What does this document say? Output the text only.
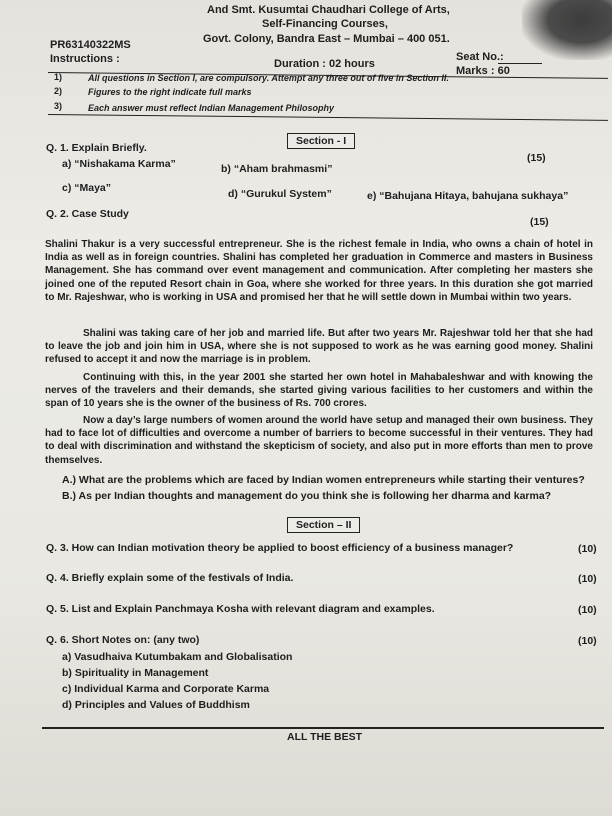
And Smt. Kusumtai Chaudhari College of Arts,
Self-Financing Courses,
Govt. Colony, Bandra East – Mumbai – 400 051.
PR63140322MS
Seat No.:
Instructions :	Duration : 02 hours
Marks : 60
1)	All questions in Section I, are compulsory. Attempt any three out of five in Section II.
2)	Figures to the right indicate full marks
3)	Each answer must reflect Indian Management Philosophy
Section - I
Q. 1. Explain Briefly.
(15)
a) “Nishakama Karma”	b) “Aham brahmasmi”
c) “Maya”	d) “Gurukul System”	e) “Bahujana Hitaya, bahujana sukhaya”
Q. 2. Case Study
(15)
Shalini Thakur is a very successful entrepreneur. She is the richest female in India, who owns a chain of hotel in India as well as in foreign countries. Shalini has completed her graduation in Commerce and masters in Business Management. She has command over event management and communication. After completing her masters she joined one of the reputed Resort chain in Goa, where she worked for three years. In this duration she got married to Mr. Rajeshwar, who is working in USA and promised her that he will settle down in Mumbai within two years.
Shalini was taking care of her job and married life. But after two years Mr. Rajeshwar told her that she had to leave the job and join him in USA, where she is not supposed to work as he was earning good money. Shalini refused to accept it and now the marriage is in problem.
Continuing with this, in the year 2001 she started her own hotel in Mahabaleshwar and with knowing the nerves of the travelers and their demands, she started giving various facilities to her customers and within the span of 10 years she is the owner of the business of Rs. 700 crores.
Now a day’s large numbers of women around the world have setup and managed their own business. They had to face lot of difficulties and overcome a number of barriers to become successful in their ventures. They had to deal with discrimination and withstand the skepticism of society, and also put in more efforts than men to prove themselves.
A.) What are the problems which are faced by Indian women entrepreneurs while starting their ventures?
B.) As per Indian thoughts and management do you think she is following her dharma and karma?
Section – II
Q. 3. How can Indian motivation theory be applied to boost efficiency of a business manager?	(10)
Q. 4. Briefly explain some of the festivals of India.	(10)
Q. 5. List and Explain Panchmaya Kosha with relevant diagram and examples.	(10)
Q. 6. Short Notes on: (any two)	(10)
a) Vasudhaiva Kutumbakam and Globalisation
b) Spirituality in Management
c) Individual Karma and Corporate Karma
d) Principles and Values of Buddhism
ALL THE BEST
